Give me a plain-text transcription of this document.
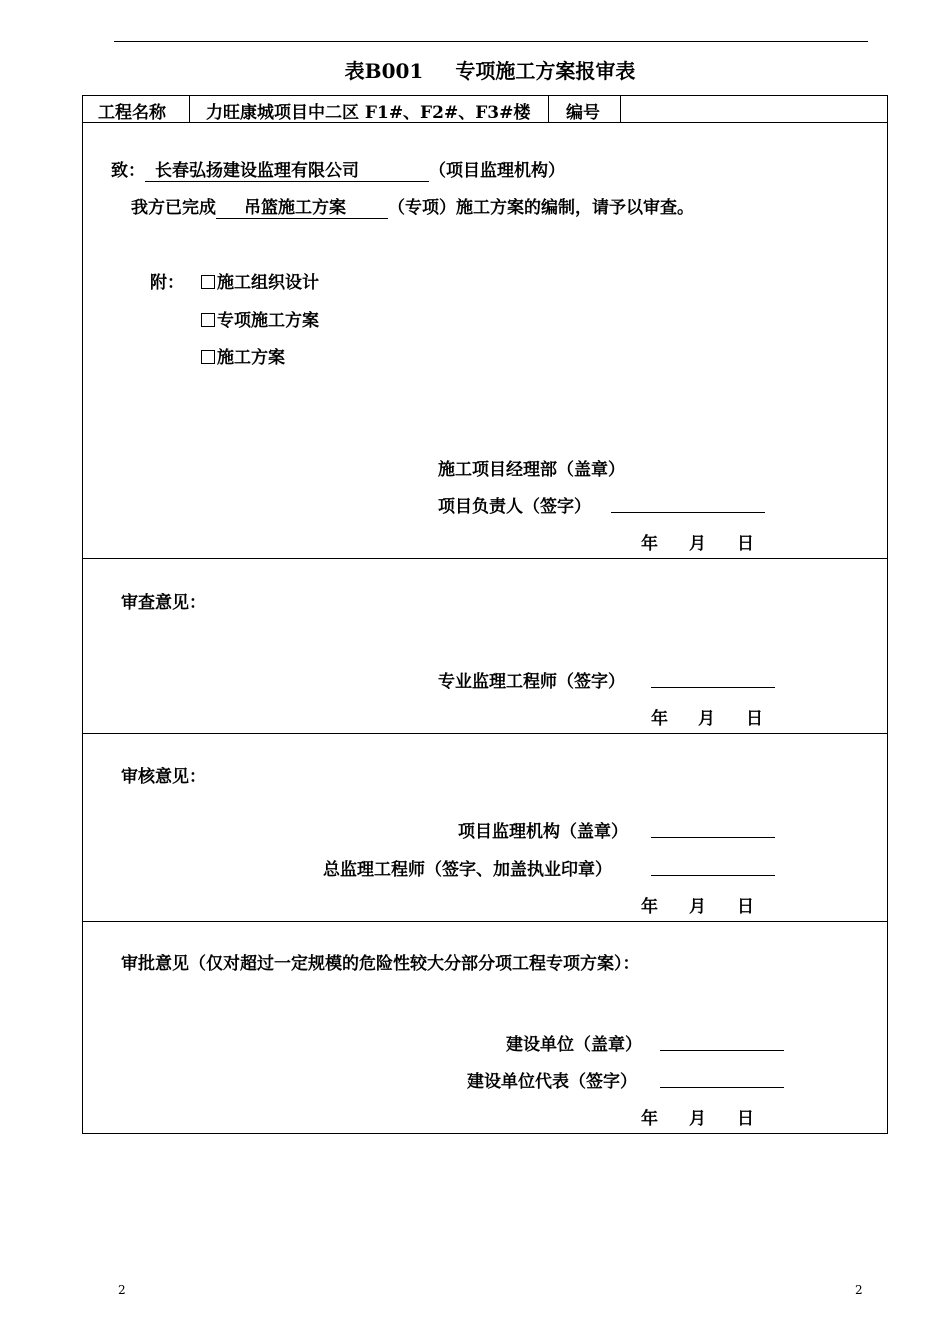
表B001 专项施工方案报审表
工程名称 力旺康城项目中二区 F1#、F2#、F3#楼 编号
致： 长春弘扬建设监理有限公司	（项目监理机构）
我方已完成 吊篮施工方案 （专项）施工方案的编制，请予以审查。
附：	施工组织设计
专项施工方案
施工方案
施工项目经理部（盖章）
项目负责人（签字）
年 月 日
审查意见：
专业监理工程师（签字）
年 月 日
审核意见：
项目监理机构（盖章）
总监理工程师（签字、加盖执业印章）
年 月 日
审批意见（仅对超过一定规模的危险性较大分部分项工程专项方案）：
建设单位（盖章）
建设单位代表（签字）
年 月 日
2	2
